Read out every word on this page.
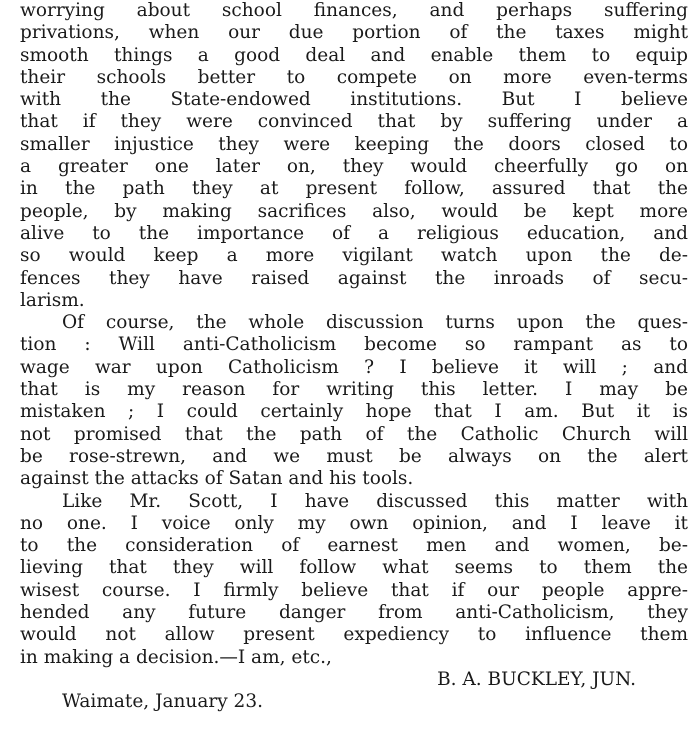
worrying about school finances, and perhaps suffering
privations, when our due portion of the taxes might
smooth things a good deal and enable them to equip
their schools better to compete on more even-terms
with the State-endowed institutions. But I believe
that if they were convinced that by suffering under a
smaller injustice they were keeping the doors closed to
a greater one later on, they would cheerfully go on
in the path they at present follow, assured that the
people, by making sacrifices also, would be kept more
alive to the importance of a religious education, and
so would keep a more vigilant watch upon the de-
fences they have raised against the inroads of secu-
larism.
Of course, the whole discussion turns upon the ques-
tion : Will anti-Catholicism become so rampant as to
wage war upon Catholicism ? I believe it will ; and
that is my reason for writing this letter. I may be
mistaken ; I could certainly hope that I am. But it is
not promised that the path of the Catholic Church will
be rose-strewn, and we must be always on the alert
against the attacks of Satan and his tools.
Like Mr. Scott, I have discussed this matter with
no one. I voice only my own opinion, and I leave it
to the consideration of earnest men and women, be-
lieving that they will follow what seems to them the
wisest course. I firmly believe that if our people appre-
hended any future danger from anti-Catholicism, they
would not allow present expediency to influence them
in making a decision.—I am, etc.,
B. A. BUCKLEY, JUN.
Waimate, January 23.
